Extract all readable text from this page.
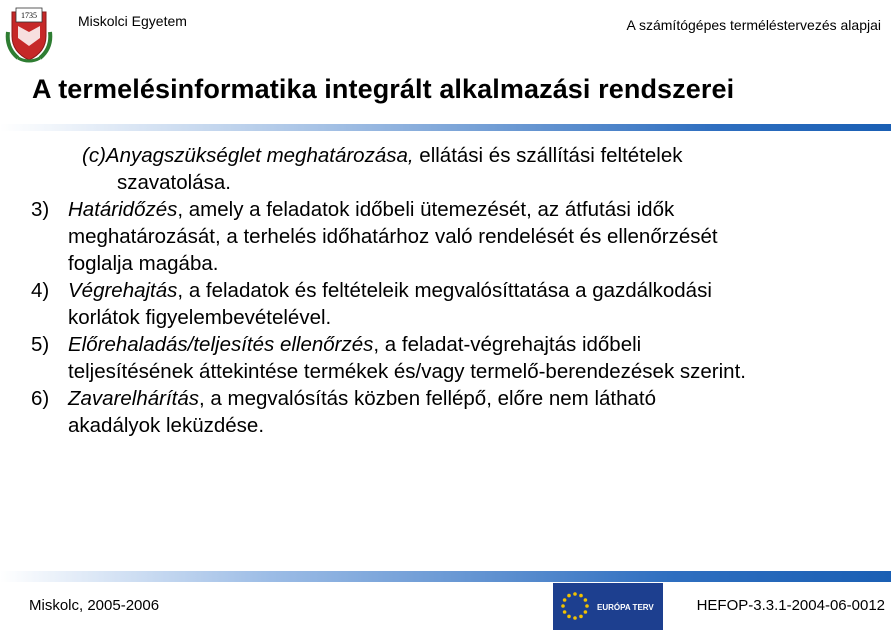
1735	Miskolci Egyetem	A számítógépes terméléstervezés alapjai
A termelésinformatika integrált alkalmazási rendszerei
(c)Anyagszükséglet meghatározása, ellátási és szállítási feltételek
szavatolása.
3) Határidőzés, amely a feladatok időbeli ütemezését, az átfutási idők
meghatározását, a terhelés időhatárhoz való rendelését és ellenőrzését
foglalja magába.
4) Végrehajtás, a feladatok és feltételeik megvalósíttatása a gazdálkodási
korlátok figyelembevételével.
5) Előrehaladás/teljesítés ellenőrzés, a feladat-végrehajtás időbeli
teljesítésének áttekintése termékek és/vagy termelő-berendezések szerint.
6) Zavarelhárítás, a megvalósítás közben fellépő, előre nem látható
akadályok leküzdése.
Miskolc, 2005-2006	EURÓPA TERV	HEFOP-3.3.1-2004-06-0012
